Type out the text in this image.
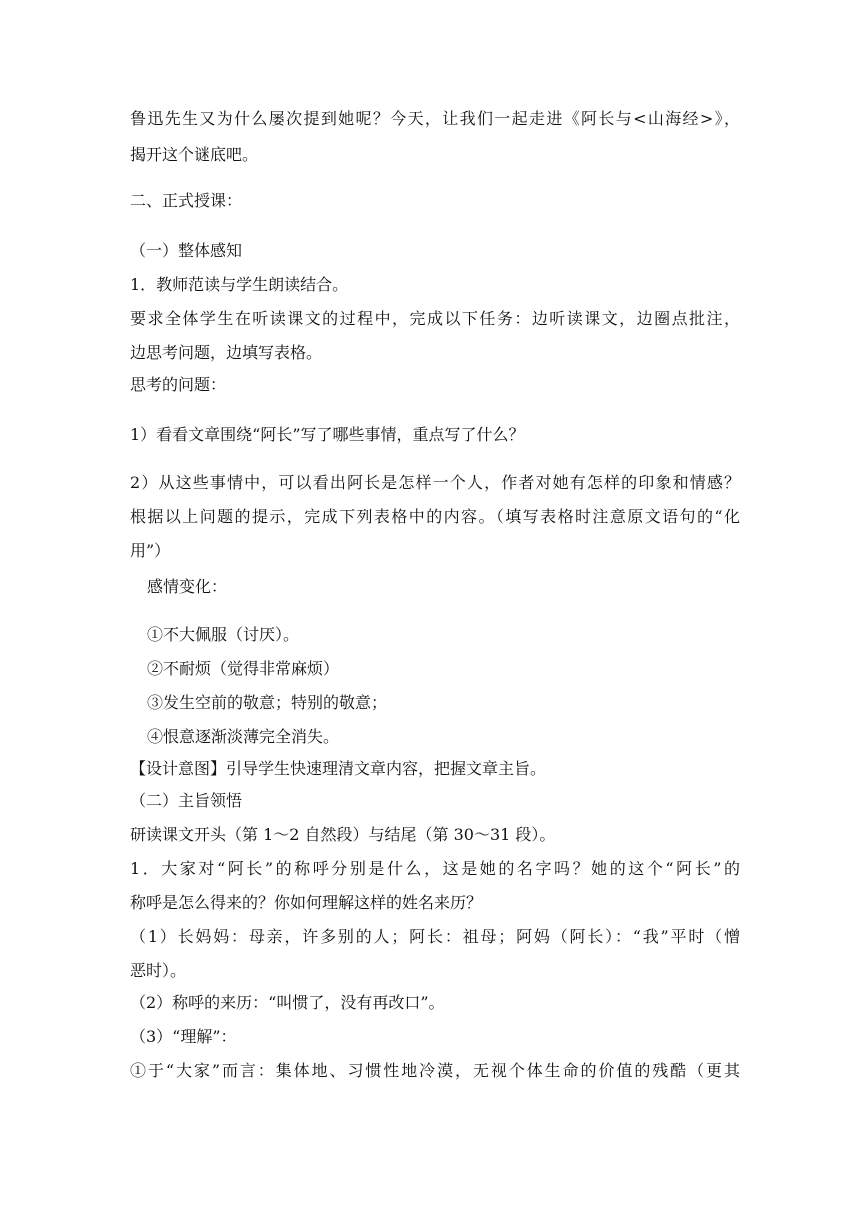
鲁迅先生又为什么屡次提到她呢？今天，让我们一起走进《阿长与<山海经>》，

揭开这个谜底吧。

二、正式授课：

（一）整体感知

1．教师范读与学生朗读结合。

要求全体学生在听读课文的过程中，完成以下任务：边听读课文，边圈点批注，

边思考问题，边填写表格。

思考的问题：

1）看看文章围绕“阿长”写了哪些事情，重点写了什么？

2）从这些事情中，可以看出阿长是怎样一个人，作者对她有怎样的印象和情感？

根据以上问题的提示，完成下列表格中的内容。（填写表格时注意原文语句的“化

用”）

感情变化：

①不大佩服（讨厌）。

②不耐烦（觉得非常麻烦）

③发生空前的敬意；特别的敬意；

④恨意逐渐淡薄完全消失。

【设计意图】引导学生快速理清文章内容，把握文章主旨。

（二）主旨领悟

研读课文开头（第 1～2 自然段）与结尾（第 30～31 段）。

1．大家对“阿长”的称呼分别是什么，这是她的名字吗？她的这个“阿长”的

称呼是怎么得来的？你如何理解这样的姓名来历？

（1）长妈妈：母亲，许多别的人；阿长：祖母；阿妈（阿长）：“我”平时（憎

恶时）。

（2）称呼的来历：“叫惯了，没有再改口”。

（3）“理解”：

①于“大家”而言：集体地、习惯性地冷漠，无视个体生命的价值的残酷（更其
